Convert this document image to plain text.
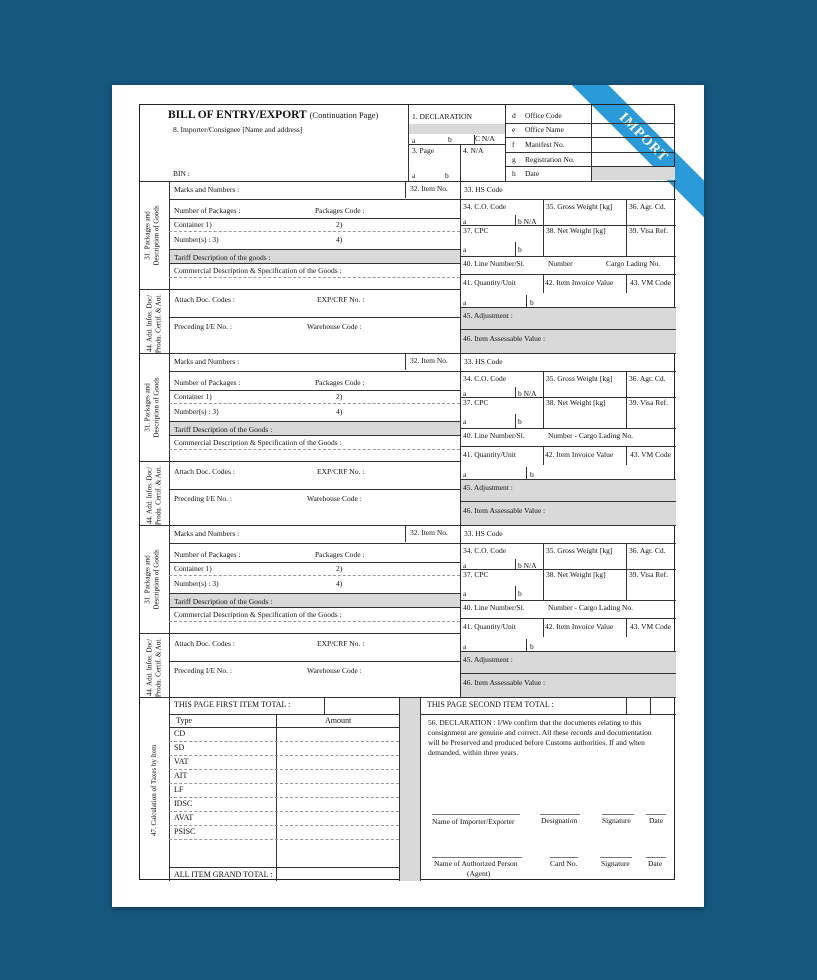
IMPORT
BILL OF ENTRY/EXPORT (Continuation Page)
8. Importer/Consignee [Name and address]
BIN :
1. DECLARATION
a	b	C N/A
3. Page
a	b
4. N/A
d Office Code
e Office Name
f Manifest No.
g Registration No.
h Date
31. Packages and
Description of Goods
44. Add. Infos. Doc/
Produ. Certif. & Aut.
Marks and Numbers :	32. Item No. 33. HS Code
Number of Packages :	Packages Code :
Container 1)	2)
Number(s) : 3)	4)
Tariff Description of the goods :
Commercial Description & Specification of the Goods :
Attach Doc. Codes :	EXP/CRF No. :
Preceding I/E No. :	Warehouse Code :
34. C.O. Code	35. Gross Weight [kg] 36. Agr. Cd.
a	b N/A
37. CPC	38. Net Weight [kg]	39. Visa Ref.
a	b
40. Line Number/Sl.	Number	Cargo Lading No.
41. Quantity/Unit	42. Item Invoice Value 43. VM Code
a	b
45. Adjustment :
46. Item Assessable Value :
31. Packages and
Description of Goods
44. Add. Infos. Doc/
Produ. Certif. & Aut.
Marks and Numbers :	32. Item No. 33. HS Code
Number of Packages :	Packages Code :
Container 1)	2)
Number(s) : 3)	4)
Tariff Description of the Goods :
Commercial Description & Specification of the Goods :
Attach Doc. Codes :	EXP/CRF No. :
Preceding I/E No. :	Warehouse Code :
34. C.O. Code	35. Gross Weight [kg] 36. Agr. Cd.
a	b N/A
37. CPC	38. Net Weight [kg]	39. Visa Ref.
a	b
40. Line Number/Sl.	Number - Cargo Lading No.
41. Quantity/Unit	42. Item Invoice Value 43. VM Code
a	b
45. Adjustment :
46. Item Assessable Value :
31. Packages and
Description of Goods
44. Add. Infos. Doc/
Produ. Certif. & Aut.
Marks and Numbers :	32. Item No. 33. HS Code
Number of Packages :	Packages Code :
Container 1)	2)
Number(s) : 3)	4)
Tariff Description of the Goods :
Commercial Description & Specification of the Goods :
Attach Doc. Codes :	EXP/CRF No. :
Preceding I/E No. :	Warehouse Code :
34. C.O. Code	35. Gross Weight [kg] 36. Agr. Cd.
a	b N/A
37. CPC	38. Net Weight [kg]	39. Visa Ref.
a	b
40. Line Number/Sl.	Number - Cargo Lading No.
41. Quantity/Unit	42. Item Invoice Value 43. VM Code
a	b
45. Adjustment :
46. Item Assessable Value :
47. Calculation of Taxes by Item
THIS PAGE FIRST ITEM TOTAL :
Type	Amount
CD
SD
VAT
AIT
LF
IDSC
AVAT
PSISC
ALL ITEM GRAND TOTAL :
THIS PAGE SECOND ITEM TOTAL :
56. DECLARATION : I/We confirm that the documents relating to this
consignment are genuine and correct. All these records and documentation
will be Preserved and produced before Customs authorities. If and when
demanded, within three years.
Name of Importer/Exporter	Designation	Signature Date
Name of Authorized Person
(Agent)
Card No.	Signature Date
